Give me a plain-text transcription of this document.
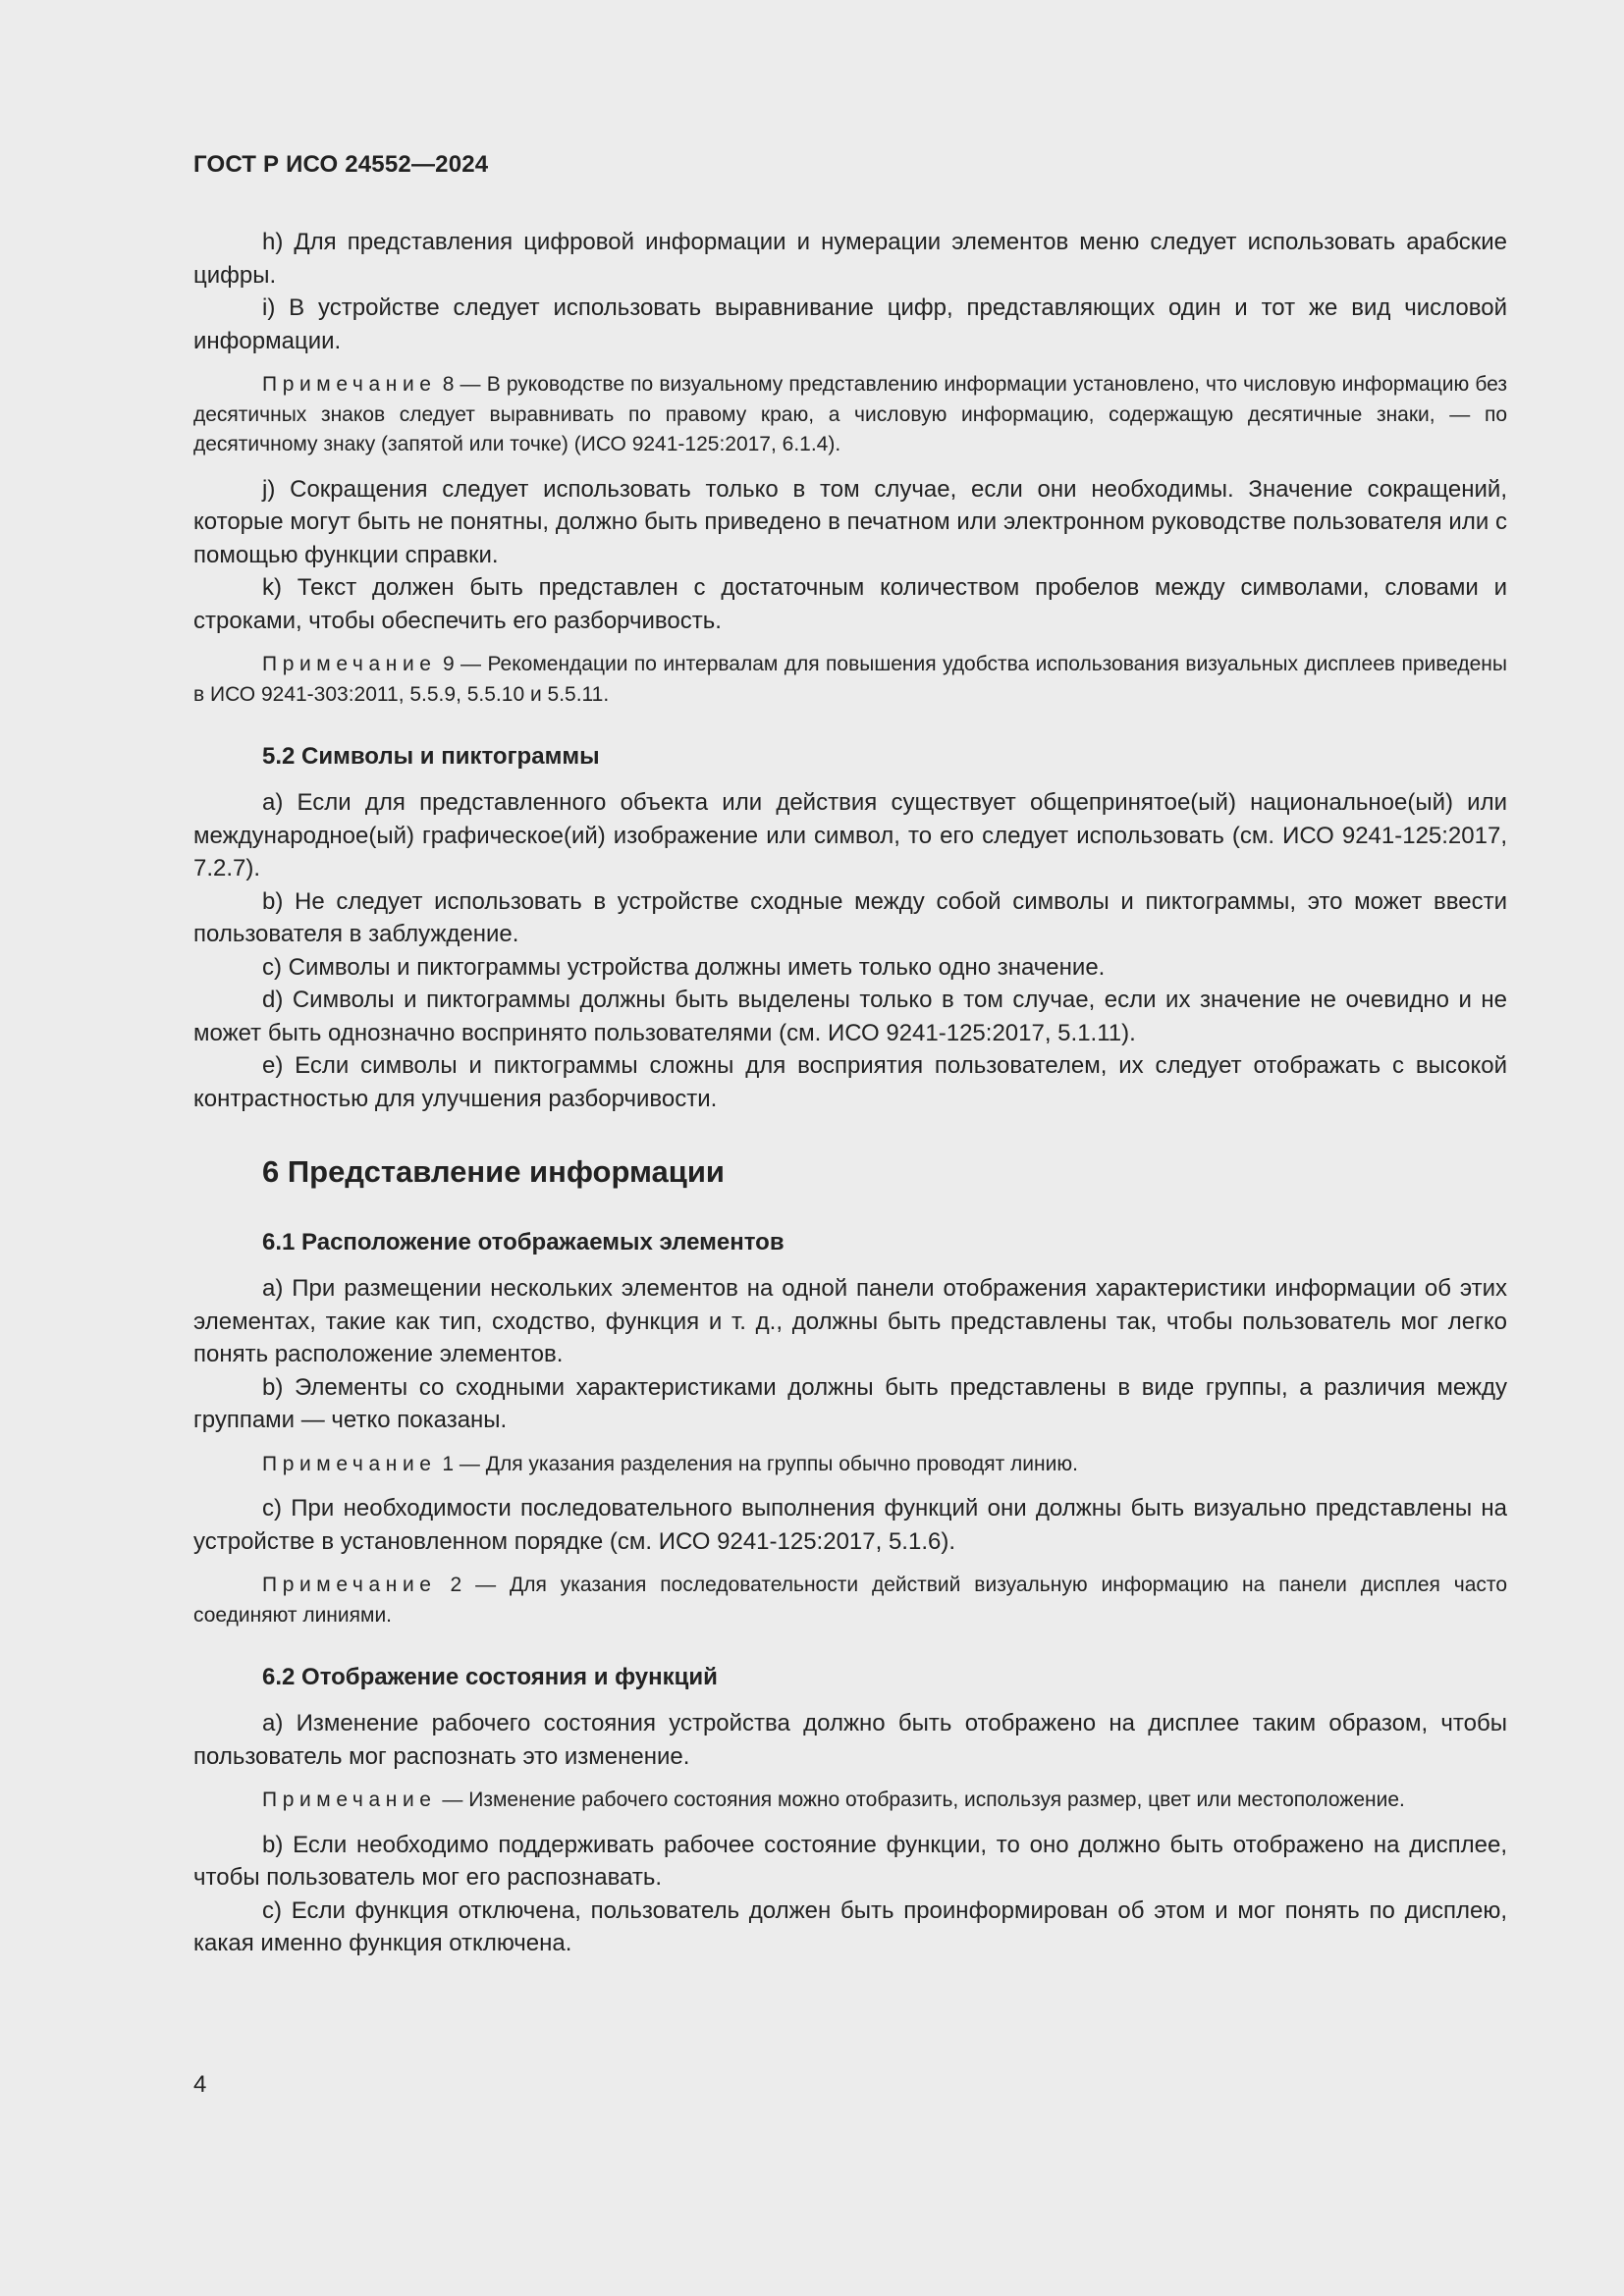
ГОСТ Р ИСО 24552—2024

h) Для представления цифровой информации и нумерации элементов меню следует использовать арабские цифры.

i) В устройстве следует использовать выравнивание цифр, представляющих один и тот же вид числовой информации.

Примечание 8 — В руководстве по визуальному представлению информации установлено, что числовую информацию без десятичных знаков следует выравнивать по правому краю, а числовую информацию, содержащую десятичные знаки, — по десятичному знаку (запятой или точке) (ИСО 9241-125:2017, 6.1.4).

j) Сокращения следует использовать только в том случае, если они необходимы. Значение сокращений, которые могут быть не понятны, должно быть приведено в печатном или электронном руководстве пользователя или с помощью функции справки.

k) Текст должен быть представлен с достаточным количеством пробелов между символами, словами и строками, чтобы обеспечить его разборчивость.

Примечание 9 — Рекомендации по интервалам для повышения удобства использования визуальных дисплеев приведены в ИСО 9241-303:2011, 5.5.9, 5.5.10 и 5.5.11.

5.2 Символы и пиктограммы

a) Если для представленного объекта или действия существует общепринятое(ый) национальное(ый) или международное(ый) графическое(ий) изображение или символ, то его следует использовать (см. ИСО 9241-125:2017, 7.2.7).

b) Не следует использовать в устройстве сходные между собой символы и пиктограммы, это может ввести пользователя в заблуждение.

c) Символы и пиктограммы устройства должны иметь только одно значение.

d) Символы и пиктограммы должны быть выделены только в том случае, если их значение не очевидно и не может быть однозначно воспринято пользователями (см. ИСО 9241-125:2017, 5.1.11).

e) Если символы и пиктограммы сложны для восприятия пользователем, их следует отображать с высокой контрастностью для улучшения разборчивости.

6 Представление информации
6.1 Расположение отображаемых элементов

a) При размещении нескольких элементов на одной панели отображения характеристики информации об этих элементах, такие как тип, сходство, функция и т. д., должны быть представлены так, чтобы пользователь мог легко понять расположение элементов.

b) Элементы со сходными характеристиками должны быть представлены в виде группы, а различия между группами — четко показаны.

Примечание 1 — Для указания разделения на группы обычно проводят линию.

c) При необходимости последовательного выполнения функций они должны быть визуально представлены на устройстве в установленном порядке (см. ИСО 9241-125:2017, 5.1.6).

Примечание 2 — Для указания последовательности действий визуальную информацию на панели дисплея часто соединяют линиями.

6.2 Отображение состояния и функций

a) Изменение рабочего состояния устройства должно быть отображено на дисплее таким образом, чтобы пользователь мог распознать это изменение.

Примечание — Изменение рабочего состояния можно отобразить, используя размер, цвет или местоположение.

b) Если необходимо поддерживать рабочее состояние функции, то оно должно быть отображено на дисплее, чтобы пользователь мог его распознавать.

c) Если функция отключена, пользователь должен быть проинформирован об этом и мог понять по дисплею, какая именно функция отключена.

4
